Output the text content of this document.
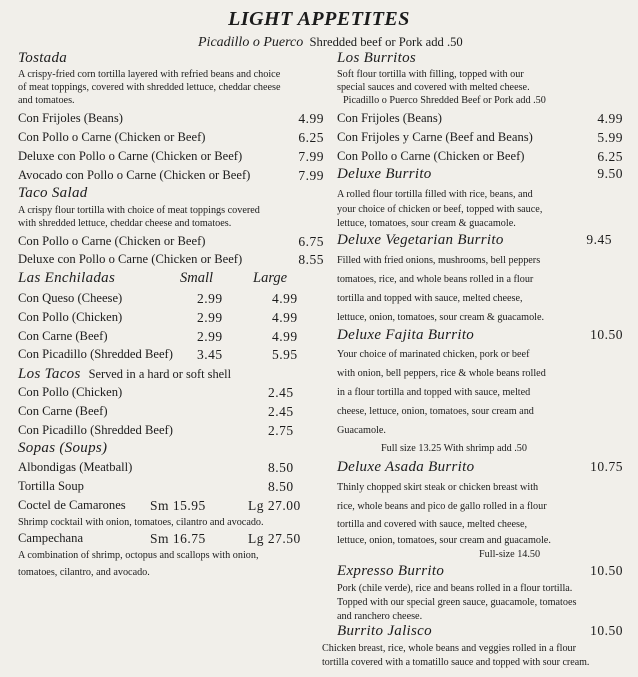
LIGHT APPETITES
Tostada
A crispy-fried corn tortilla layered with refried beans and choice
of meat toppings, covered with shredded lettuce, cheddar cheese
and tomatoes.
Con Frijoles (Beans)	4.99
Con Pollo o Carne (Chicken or Beef)	6.25
Deluxe con Pollo o Carne (Chicken or Beef)	7.99
Avocado con Pollo o Carne (Chicken or Beef)	7.99
Taco Salad
A crispy flour tortilla with choice of meat toppings covered
with shredded lettuce, cheddar cheese and tomatoes.
Con Pollo o Carne (Chicken or Beef)	6.75
Deluxe con Pollo o Carne (Chicken or Beef)	8.55
Las Enchiladas	Small	Large
Con Queso (Cheese)	2.99	4.99
Con Pollo (Chicken)	2.99	4.99
Con Carne (Beef)	2.99	4.99
Con Picadillo (Shredded Beef) 3.45	5.95
Los Tacos Served in a hard or soft shell
Con Pollo (Chicken)	2.45
Con Carne (Beef)	2.45
Con Picadillo (Shredded Beef)	2.75
Sopas (Soups)
Albondigas (Meatball)	8.50
Tortilla Soup	8.50
Coctel de Camarones Sm 15.95	Lg 27.00
Shrimp cocktail with onion, tomatoes, cilantro and avocado.
Campechana	Sm 16.75	Lg 27.50
A combination of shrimp, octopus and scallops with onion,
tomatoes, cilantro, and avocado.
Picadillo o Puerco Shredded beef or Pork add .50
Los Burritos
Soft flour tortilla with filling, topped with our
special sauces and covered with melted cheese.
Picadillo o Puerco Shredded Beef or Pork add .50
Con Frijoles (Beans)	4.99
Con Frijoles y Carne (Beef and Beans)	5.99
Con Pollo o Carne (Chicken or Beef)	6.25
Deluxe Burrito	9.50
A rolled flour tortilla filled with rice, beans, and
your choice of chicken or beef, topped with sauce,
lettuce, tomatoes, sour cream & guacamole.
Deluxe Vegetarian Burrito	9.45
Filled with fried onions, mushrooms, bell peppers
tomatoes, rice, and whole beans rolled in a flour
tortilla and topped with sauce, melted cheese,
lettuce, onion, tomatoes, sour cream & guacamole.
Deluxe Fajita Burrito	10.50
Your choice of marinated chicken, pork or beef
with onion, bell peppers, rice & whole beans rolled
in a flour tortilla and topped with sauce, melted
cheese, lettuce, onion, tomatoes, sour cream and
Guacamole.
Full size 13.25 With shrimp add .50
Deluxe Asada Burrito	10.75
Thinly chopped skirt steak or chicken breast with
rice, whole beans and pico de gallo rolled in a flour
tortilla and covered with sauce, melted cheese,
lettuce, onion, tomatoes, sour cream and guacamole.
Full-size 14.50
Expresso Burrito	10.50
Pork (chile verde), rice and beans rolled in a flour tortilla.
Topped with our special green sauce, guacamole, tomatoes
and ranchero cheese.
Burrito Jalisco	10.50
Chicken breast, rice, whole beans and veggies rolled in a flour
tortilla covered with a tomatillo sauce and topped with sour cream.
